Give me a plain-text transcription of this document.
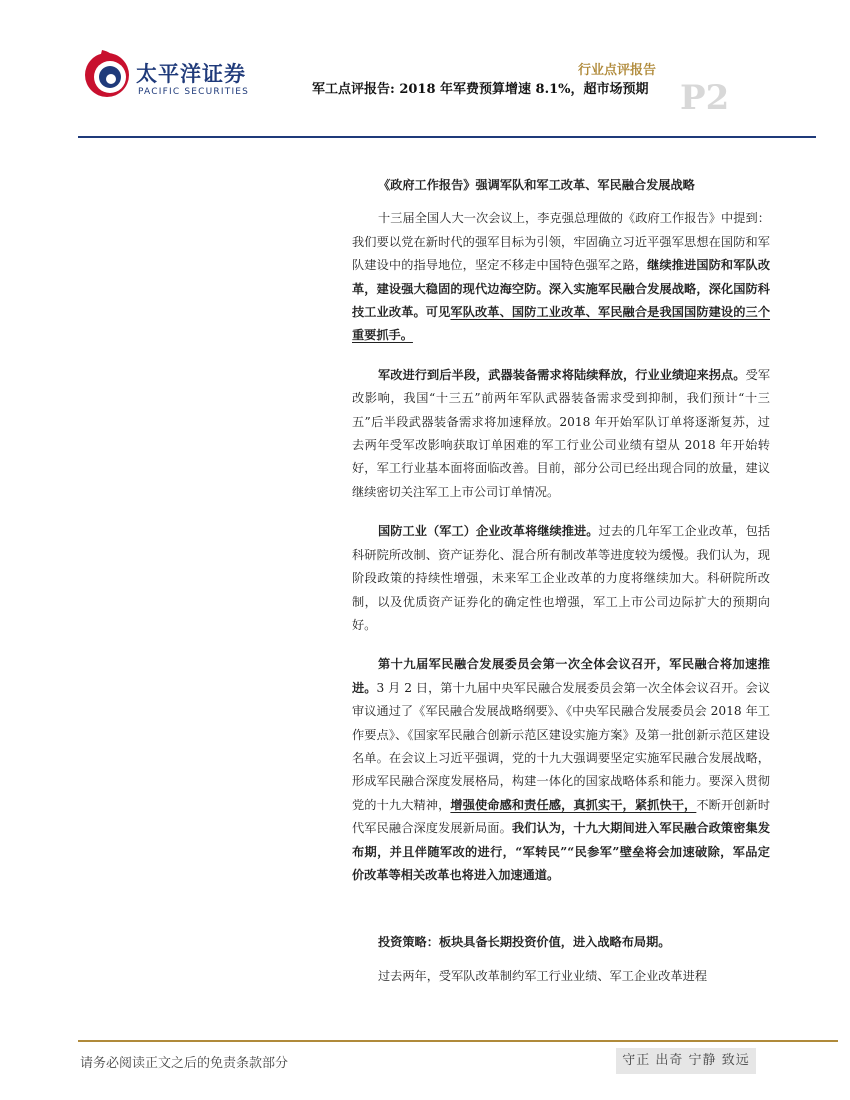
太平洋证券
PACIFIC SECURITIES
行业点评报告
军工点评报告: 2018 年军费预算增速 8.1%，超市场预期 P2

《政府工作报告》强调军队和军工改革、军民融合发展战略

十三届全国人大一次会议上，李克强总理做的《政府工作报告》中提到：我们要以党在新时代的强军目标为引领，牢固确立习近平强军思想在国防和军队建设中的指导地位，坚定不移走中国特色强军之路，继续推进国防和军队改革，建设强大稳固的现代边海空防。深入实施军民融合发展战略，深化国防科技工业改革。可见军队改革、国防工业改革、军民融合是我国国防建设的三个重要抓手。

军改进行到后半段，武器装备需求将陆续释放，行业业绩迎来拐点。受军改影响，我国“十三五”前两年军队武器装备需求受到抑制，我们预计“十三五”后半段武器装备需求将加速释放。2018 年开始军队订单将逐渐复苏，过去两年受军改影响获取订单困难的军工行业公司业绩有望从 2018 年开始转好，军工行业基本面将面临改善。目前，部分公司已经出现合同的放量，建议继续密切关注军工上市公司订单情况。

国防工业（军工）企业改革将继续推进。过去的几年军工企业改革，包括科研院所改制、资产证券化、混合所有制改革等进度较为缓慢。我们认为，现阶段政策的持续性增强，未来军工企业改革的力度将继续加大。科研院所改制，以及优质资产证券化的确定性也增强，军工上市公司边际扩大的预期向好。

第十九届军民融合发展委员会第一次全体会议召开，军民融合将加速推进。3 月 2 日，第十九届中央军民融合发展委员会第一次全体会议召开。会议审议通过了《军民融合发展战略纲要》、《中央军民融合发展委员会 2018 年工作要点》、《国家军民融合创新示范区建设实施方案》及第一批创新示范区建设名单。在会议上习近平强调，党的十九大强调要坚定实施军民融合发展战略，形成军民融合深度发展格局，构建一体化的国家战略体系和能力。要深入贯彻党的十九大精神，增强使命感和责任感，真抓实干，紧抓快干，不断开创新时代军民融合深度发展新局面。我们认为，十九大期间进入军民融合政策密集发布期，并且伴随军改的进行，“军转民”“民参军”壁垒将会加速破除，军品定价改革等相关改革也将进入加速通道。

投资策略：板块具备长期投资价值，进入战略布局期。

过去两年，受军队改革制约军工行业业绩、军工企业改革进程

请务必阅读正文之后的免责条款部分	守正 出奇 宁静 致远
